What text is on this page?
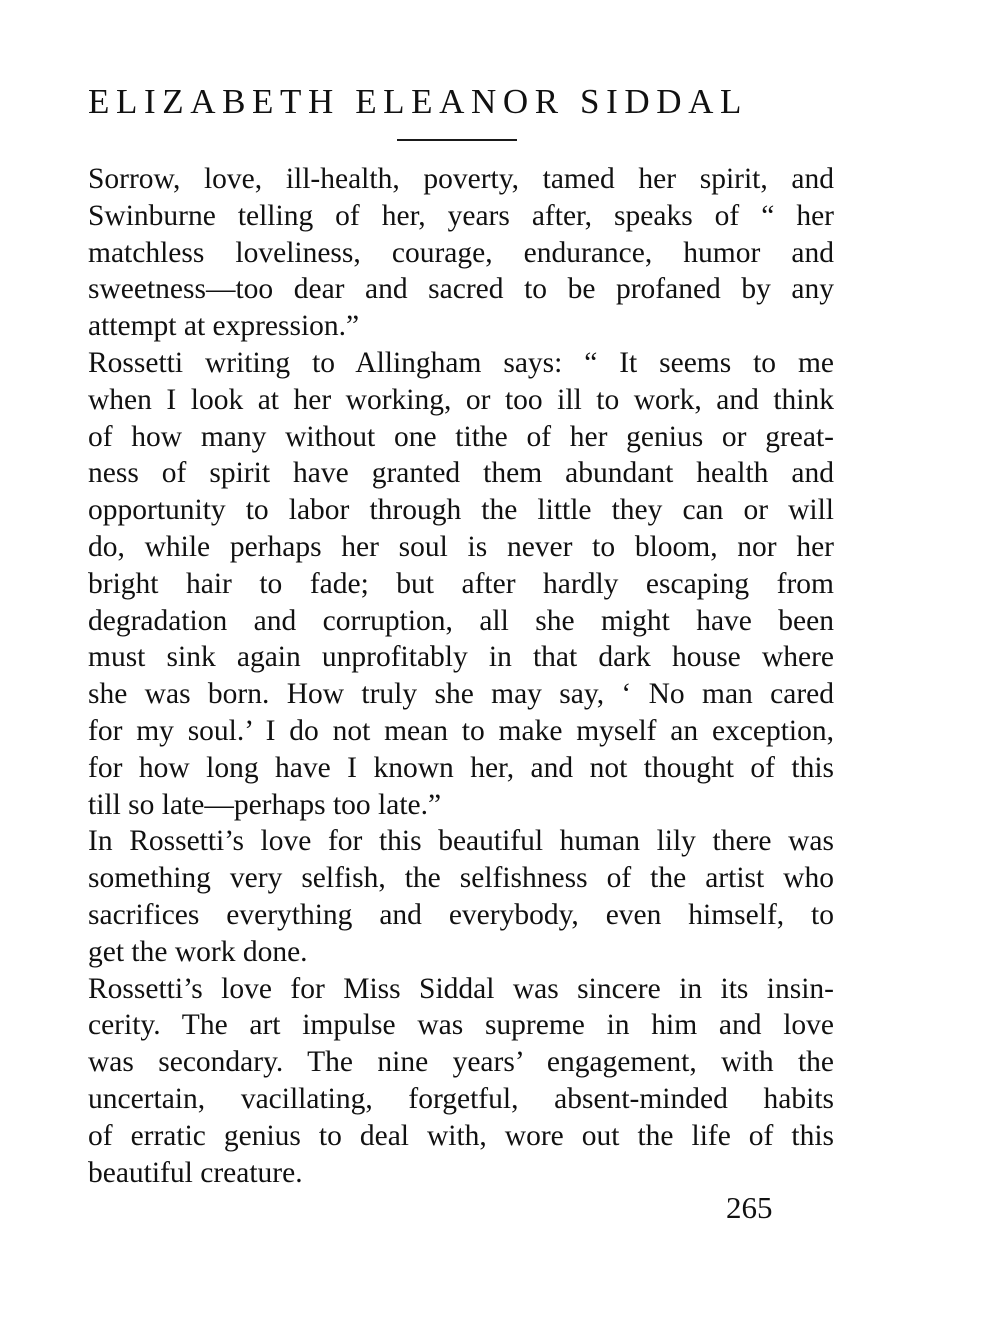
ELIZABETH ELEANOR SIDDAL
Sorrow, love, ill-health, poverty, tamed her spirit, and
Swinburne telling of her, years after, speaks of “ her
matchless loveliness, courage, endurance, humor and
sweetness—too dear and sacred to be profaned by any
attempt at expression.”
Rossetti writing to Allingham says: “ It seems to me
when I look at her working, or too ill to work, and think
of how many without one tithe of her genius or great-
ness of spirit have granted them abundant health and
opportunity to labor through the little they can or will
do, while perhaps her soul is never to bloom, nor her
bright hair to fade; but after hardly escaping from
degradation and corruption, all she might have been
must sink again unprofitably in that dark house where
she was born. How truly she may say, ‘ No man cared
for my soul.’ I do not mean to make myself an exception,
for how long have I known her, and not thought of this
till so late—perhaps too late.”
In Rossetti’s love for this beautiful human lily there was
something very selfish, the selfishness of the artist who
sacrifices everything and everybody, even himself, to
get the work done.
Rossetti’s love for Miss Siddal was sincere in its insin-
cerity. The art impulse was supreme in him and love
was secondary. The nine years’ engagement, with the
uncertain, vacillating, forgetful, absent-minded habits
of erratic genius to deal with, wore out the life of this
beautiful creature.
265
